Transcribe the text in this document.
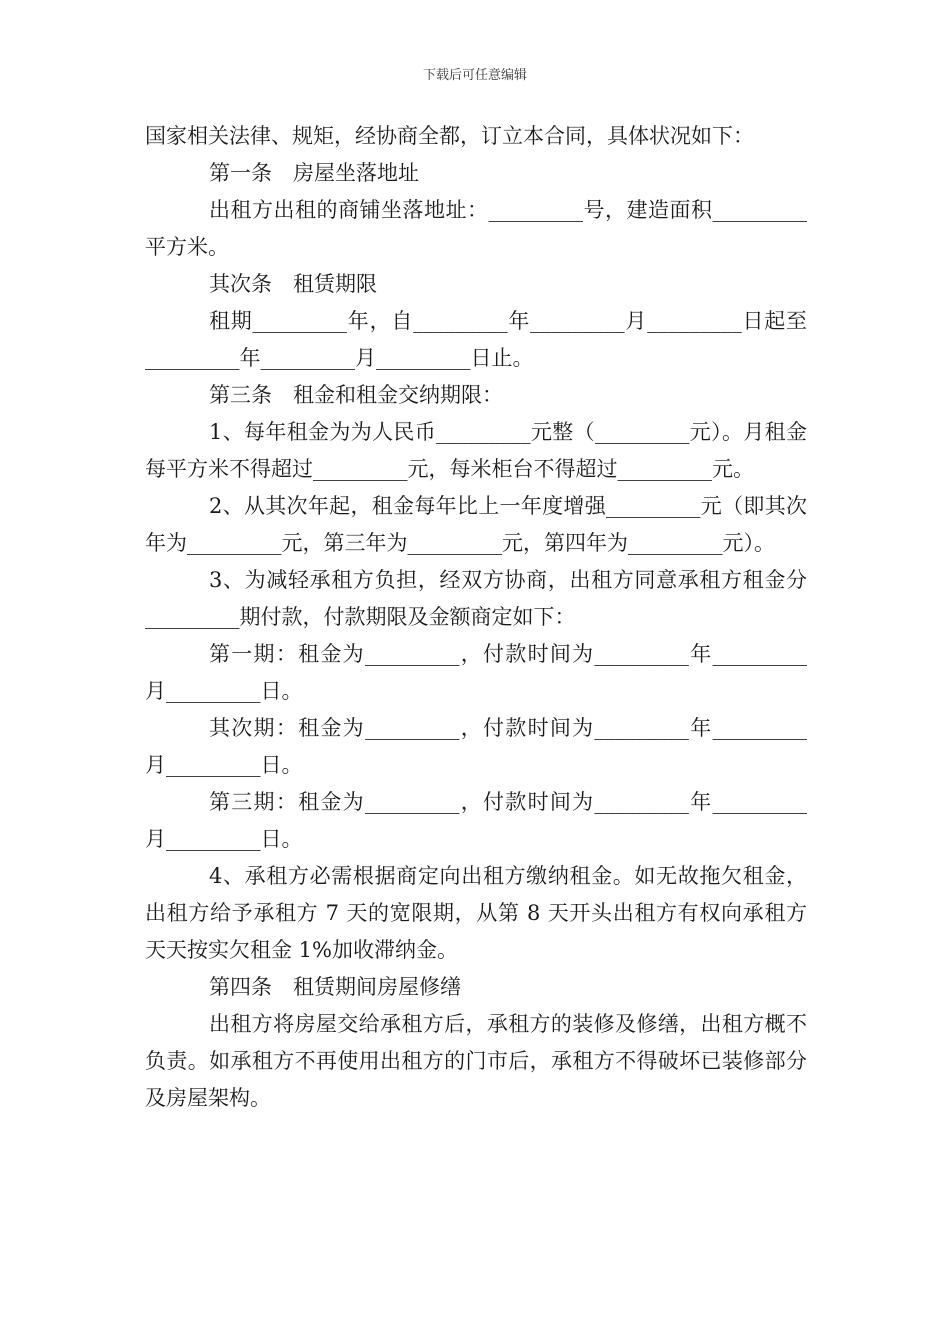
下载后可任意编辑

国家相关法律、规矩，经协商全都，订立本合同，具体状况如下：

第一条　房屋坐落地址

出租方出租的商铺坐落地址：_________号，建造面积_________平方米。

其次条　租赁期限

租期_________年，自_________年_________月_________日起至_________年_________月_________日止。

第三条　租金和租金交纳期限：

1、每年租金为为人民币_________元整（_________元）。月租金每平方米不得超过_________元，每米柜台不得超过_________元。

2、从其次年起，租金每年比上一年度增强_________元（即其次年为_________元，第三年为_________元，第四年为_________元）。

3、为减轻承租方负担，经双方协商，出租方同意承租方租金分_________期付款，付款期限及金额商定如下：

第一期：租金为_________，付款时间为_________年_________月_________日。

其次期：租金为_________，付款时间为_________年_________月_________日。

第三期：租金为_________，付款时间为_________年_________月_________日。

4、承租方必需根据商定向出租方缴纳租金。如无故拖欠租金，出租方给予承租方 7 天的宽限期，从第 8 天开头出租方有权向承租方天天按实欠租金 1%加收滞纳金。

第四条　租赁期间房屋修缮

出租方将房屋交给承租方后，承租方的装修及修缮，出租方概不负责。如承租方不再使用出租方的门市后，承租方不得破坏已装修部分及房屋架构。
